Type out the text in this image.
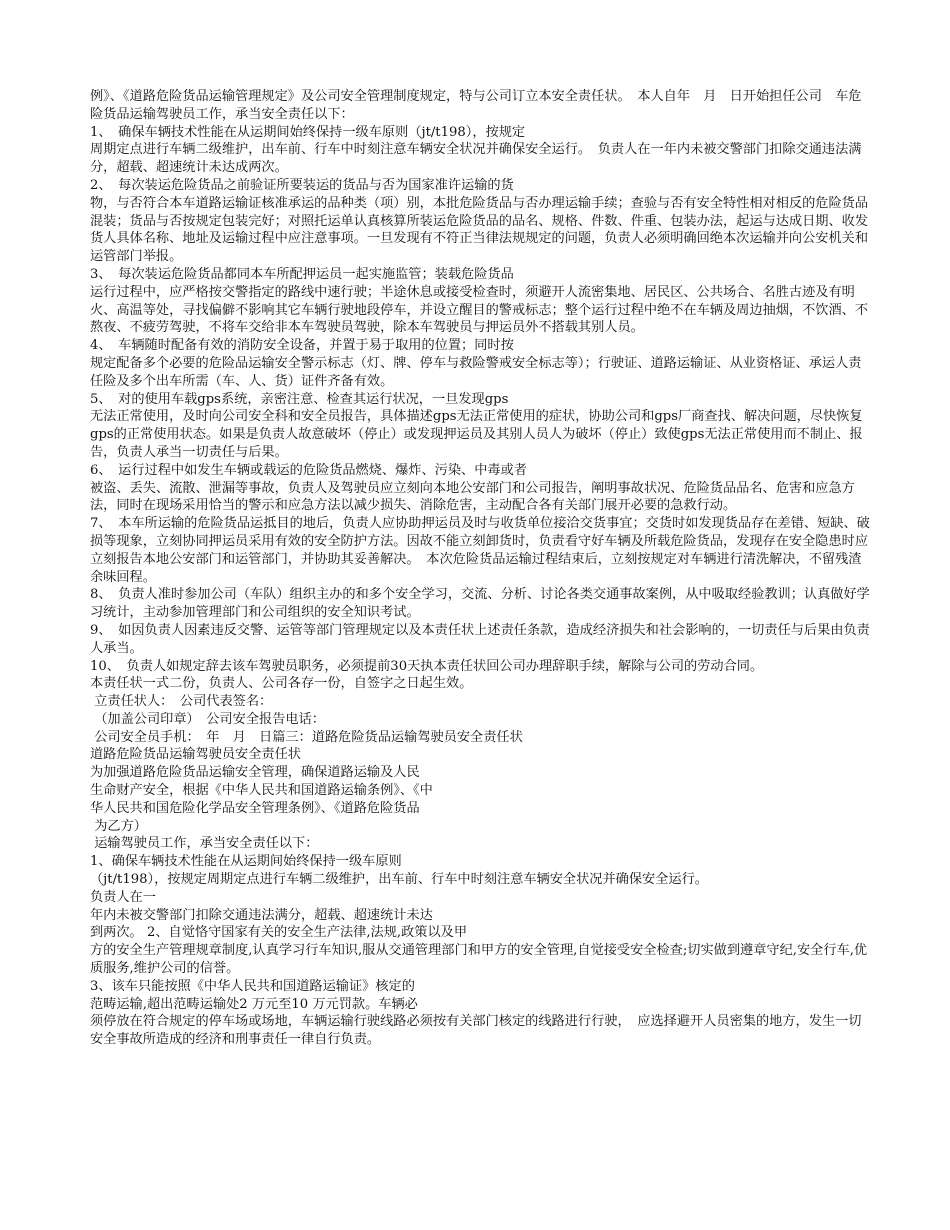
例》、《道路危险货品运输管理规定》及公司安全管理制度规定，特与公司订立本安全责任状。　本人自年　月　日开始担任公司　车危险货品运输驾驶员工作，承当安全责任以下：

1、　确保车辆技术性能在从运期间始终保持一级车原则（jt/t198），按规定

周期定点进行车辆二级维护，出车前、行车中时刻注意车辆安全状况并确保安全运行。　负责人在一年内未被交警部门扣除交通违法满分，超载、超速统计未达成两次。

2、　每次装运危险货品之前验证所要装运的货品与否为国家准许运输的货

物，与否符合本车道路运输证核准承运的品种类（项）别，本批危险货品与否办理运输手续；查验与否有安全特性相对相反的危险货品混装；货品与否按规定包装完好；对照托运单认真核算所装运危险货品的品名、规格、件数、件重、包装办法，起运与达成日期、收发货人具体名称、地址及运输过程中应注意事项。一旦发现有不符正当律法规规定的问题，负责人必须明确回绝本次运输并向公安机关和运管部门举报。

3、　每次装运危险货品都同本车所配押运员一起实施监管；装载危险货品

运行过程中，应严格按交警指定的路线中速行驶；半途休息或接受检查时，须避开人流密集地、居民区、公共场合、名胜古迹及有明火、高温等处，寻找偏僻不影响其它车辆行驶地段停车，并设立醒目的警戒标志；整个运行过程中绝不在车辆及周边抽烟，不饮酒、不熬夜、不疲劳驾驶，不将车交给非本车驾驶员驾驶，除本车驾驶员与押运员外不搭载其别人员。

4、　车辆随时配备有效的消防安全设备，并置于易于取用的位置；同时按

规定配备多个必要的危险品运输安全警示标志（灯、牌、停车与救险警戒安全标志等）；行驶证、道路运输证、从业资格证、承运人责任险及多个出车所需（车、人、货）证件齐备有效。

5、　对的使用车载gps系统，亲密注意、检查其运行状况，一旦发现gps

无法正常使用，及时向公司安全科和安全员报告，具体描述gps无法正常使用的症状，协助公司和gps厂商查找、解决问题，尽快恢复gps的正常使用状态。如果是负责人故意破坏（停止）或发现押运员及其别人员人为破坏（停止）致使gps无法正常使用而不制止、报告，负责人承当一切责任与后果。

6、　运行过程中如发生车辆或载运的危险货品燃烧、爆炸、污染、中毒或者

被盗、丢失、流散、泄漏等事故，负责人及驾驶员应立刻向本地公安部门和公司报告，阐明事故状况、危险货品品名、危害和应急方法，同时在现场采用恰当的警示和应急方法以减少损失、消除危害，主动配合各有关部门展开必要的急救行动。

7、　本车所运输的危险货品运抵目的地后，负责人应协助押运员及时与收货单位接洽交货事宜；交货时如发现货品存在差错、短缺、破损等现象，立刻协同押运员采用有效的安全防护方法。因故不能立刻卸货时，负责看守好车辆及所载危险货品，发现存在安全隐患时应立刻报告本地公安部门和运管部门，并协助其妥善解决。　本次危险货品运输过程结束后，立刻按规定对车辆进行清洗解决，不留残渣余味回程。

8、　负责人准时参加公司（车队）组织主办的和多个安全学习，交流、分析、讨论各类交通事故案例，从中吸取经验教训；认真做好学习统计，主动参加管理部门和公司组织的安全知识考试。

9、　如因负责人因素违反交警、运管等部门管理规定以及本责任状上述责任条款，造成经济损失和社会影响的，一切责任与后果由负责人承当。

10、　负责人如规定辞去该车驾驶员职务，必须提前30天执本责任状回公司办理辞职手续，解除与公司的劳动合同。

本责任状一式二份，负责人、公司各存一份，自签字之日起生效。

立责任状人：　公司代表签名：

（加盖公司印章）　公司安全报告电话：

公司安全员手机：　年　月　日篇三：道路危险货品运输驾驶员安全责任状

道路危险货品运输驾驶员安全责任状

为加强道路危险货品运输安全管理，确保道路运输及人民

生命财产安全，根据《中华人民共和国道路运输条例》、《中

华人民共和国危险化学品安全管理条例》、《道路危险货品

为乙方）

运输驾驶员工作，承当安全责任以下：

1、确保车辆技术性能在从运期间始终保持一级车原则

（jt/t198），按规定周期定点进行车辆二级维护，出车前、行车中时刻注意车辆安全状况并确保安全运行。

负责人在一

年内未被交警部门扣除交通违法满分，超载、超速统计未达

到两次。 2、自觉恪守国家有关的安全生产法律,法规,政策以及甲

方的安全生产管理规章制度,认真学习行车知识,服从交通管理部门和甲方的安全管理,自觉接受安全检查;切实做到遵章守纪,安全行车,优质服务,维护公司的信誉。

3、该车只能按照《中华人民共和国道路运输证》核定的

范畴运输,超出范畴运输处2 万元至10 万元罚款。车辆必

须停放在符合规定的停车场或场地，车辆运输行驶线路必须按有关部门核定的线路进行行驶，　应选择避开人员密集的地方，发生一切安全事故所造成的经济和刑事责任一律自行负责。
